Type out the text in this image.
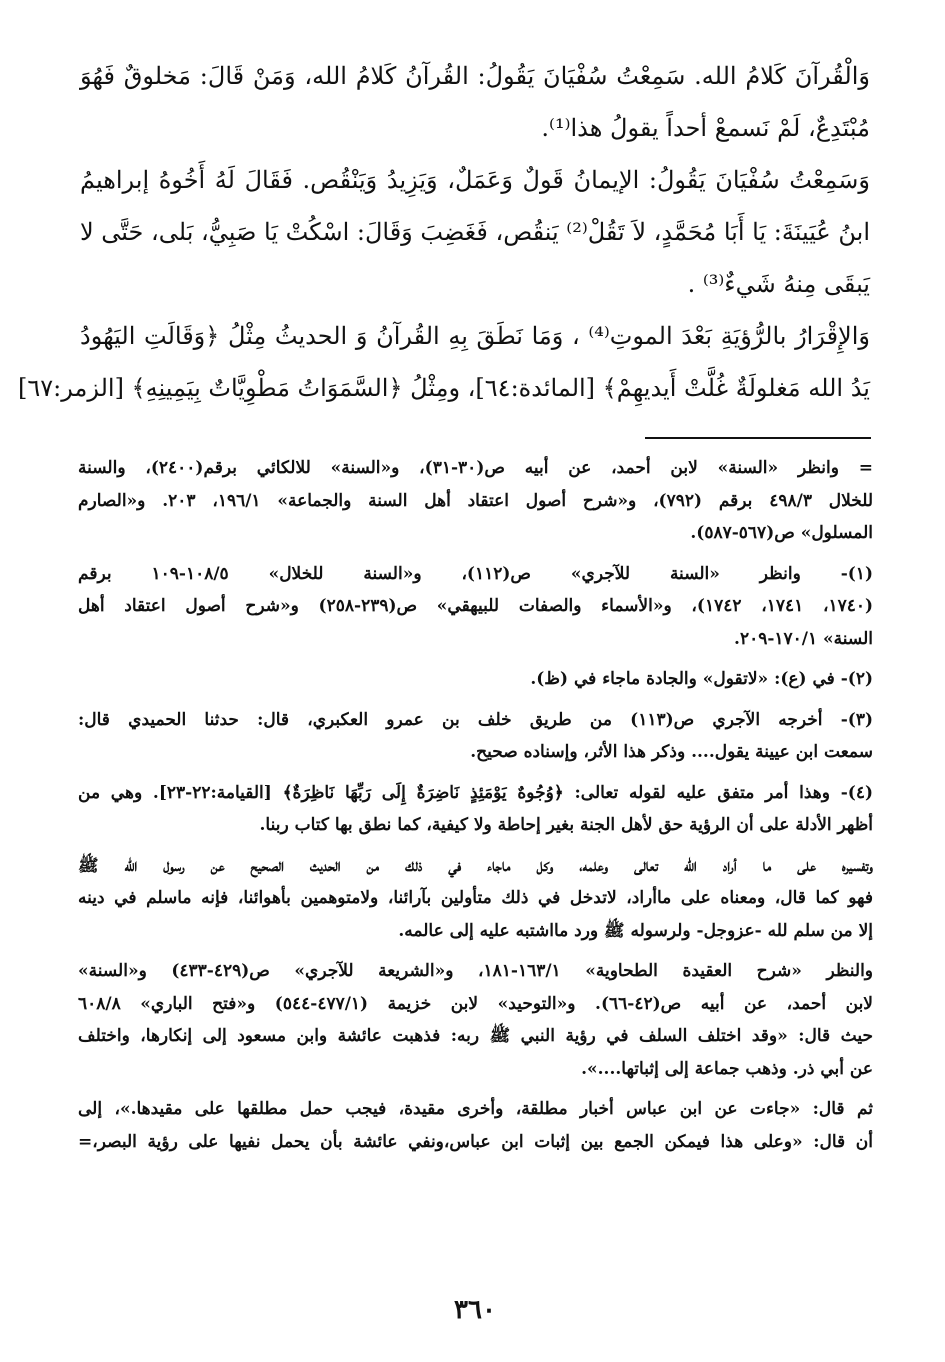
وَالْقُرآنَ كَلامُ الله. سَمِعْتُ سُفْيَانَ يَقُولُ: القُرآنُ كَلامُ الله، وَمَنْ قَالَ: مَخلوقٌ فَهُوَ
مُبْتَدِعٌ، لَمْ نَسمعْ أحداً يقولُ هذا⁽¹⁾.
وَسَمِعْتُ سُفْيَانَ يَقُولُ: الإيمانُ قَولٌ وَعَمَلٌ، وَيَزِيدُ وَيَنْقُص. فَقَالَ لَهُ أَخُوهُ إبراهيمُ
ابنُ عُيَينَةَ: يَا أَبَا مُحَمَّدٍ، لاَ تَقُلْ⁽²⁾ يَنقُص، فَغَضِبَ وَقَالَ: اسْكُتْ يَا صَبِيُّ، بَلى، حَتَّى لا
يَبقَى مِنهُ شَيءٌ⁽³⁾ .
وَالإِقْرَارُ بالرُّؤيَةِ بَعْدَ الموتِ⁽⁴⁾ ، وَمَا نَطَقَ بِهِ القُرآنُ وَ الحديثُ مِثْلُ ﴿وَقَالَتِ اليَهُودُ
يَدُ الله مَغلولَةٌ غُلَّتْ أَيديهِمْ﴾ [المائدة:٦٤]، ومِثْلُ ﴿السَّمَوَاتُ مَطْوِيَّاتٌ بِيَمِينِهِ﴾ [الزمر:٦٧]
= وانظر «السنة» لابن أحمد، عن أبيه ص(٣٠-٣١)، و«السنة» للالكائي برقم(٢٤٠٠)، والسنة
للخلال ٤٩٨/٣ برقم (٧٩٢)، و«شرح أصول اعتقاد أهل السنة والجماعة» ١٩٦/١، ٢٠٣. و«الصارم
المسلول» ص(٥٦٧-٥٨٧).
(١)- وانظر «السنة للآجري» ص(١١٢)، و«السنة للخلال» ١٠٨/٥-١٠٩ برقم
(١٧٤٠، ١٧٤١، ١٧٤٢)، و«الأسماء والصفات للبيهقي» ص(٢٣٩-٢٥٨) و«شرح أصول اعتقاد أهل
السنة» ١٧٠/١-٢٠٩.
(٢)- في (ع): «لاتقول» والجادة ماجاء في (ظ).
(٣)- أخرجه الآجري ص(١١٣) من طريق خلف بن عمرو العكبري، قال: حدثنا الحميدي قال:
سمعت ابن عيينة يقول.... وذكر هذا الأثر، وإسناده صحيح.
(٤)- وهذا أمر متفق عليه لقوله تعالى: ﴿وُجُوهٌ يَوْمَئِذٍ نَاضِرَةٌ إِلَى رَبِّهَا نَاظِرَةٌ﴾ [القيامة:٢٢-٢٣]. وهي من
أظهر الأدلة على أن الرؤية حق لأهل الجنة بغير إحاطة ولا كيفية، كما نطق بها كتاب ربنا.
وتفسيره على ما أراد الله تعالى وعلمه، وكل ماجاء في ذلك من الحديث الصحيح عن رسول الله ﷺ
فهو كما قال، ومعناه على ماأراد، لاتدخل في ذلك متأولين بآرائنا، ولامتوهمين بأهوائنا، فإنه ماسلم في دينه
إلا من سلم لله -عزوجل- ولرسوله ﷺ ورد مااشتبه عليه إلى عالمه.
والنظر «شرح العقيدة الطحاوية» ١٦٣/١-١٨١، و«الشريعة للآجري» ص(٤٢٩-٤٣٣) و«السنة»
لابن أحمد، عن أبيه ص(٤٢-٦٦). و«التوحيد» لابن خزيمة (٤٧٧/١-٥٤٤) و«فتح الباري» ٦٠٨/٨
حيث قال: «وقد اختلف السلف في رؤية النبي ﷺ ربه: فذهبت عائشة وابن مسعود إلى إنكارها، واختلف
عن أبي ذر. وذهب جماعة إلى إثباتها....».
ثم قال: «جاءت عن ابن عباس أخبار مطلقة، وأخرى مقيدة، فيجب حمل مطلقها على مقيدها.»، إلى
أن قال: «وعلى هذا فيمكن الجمع بين إثبات ابن عباس،ونفي عائشة بأن يحمل نفيها على رؤية البصر،=
٣٦٠
